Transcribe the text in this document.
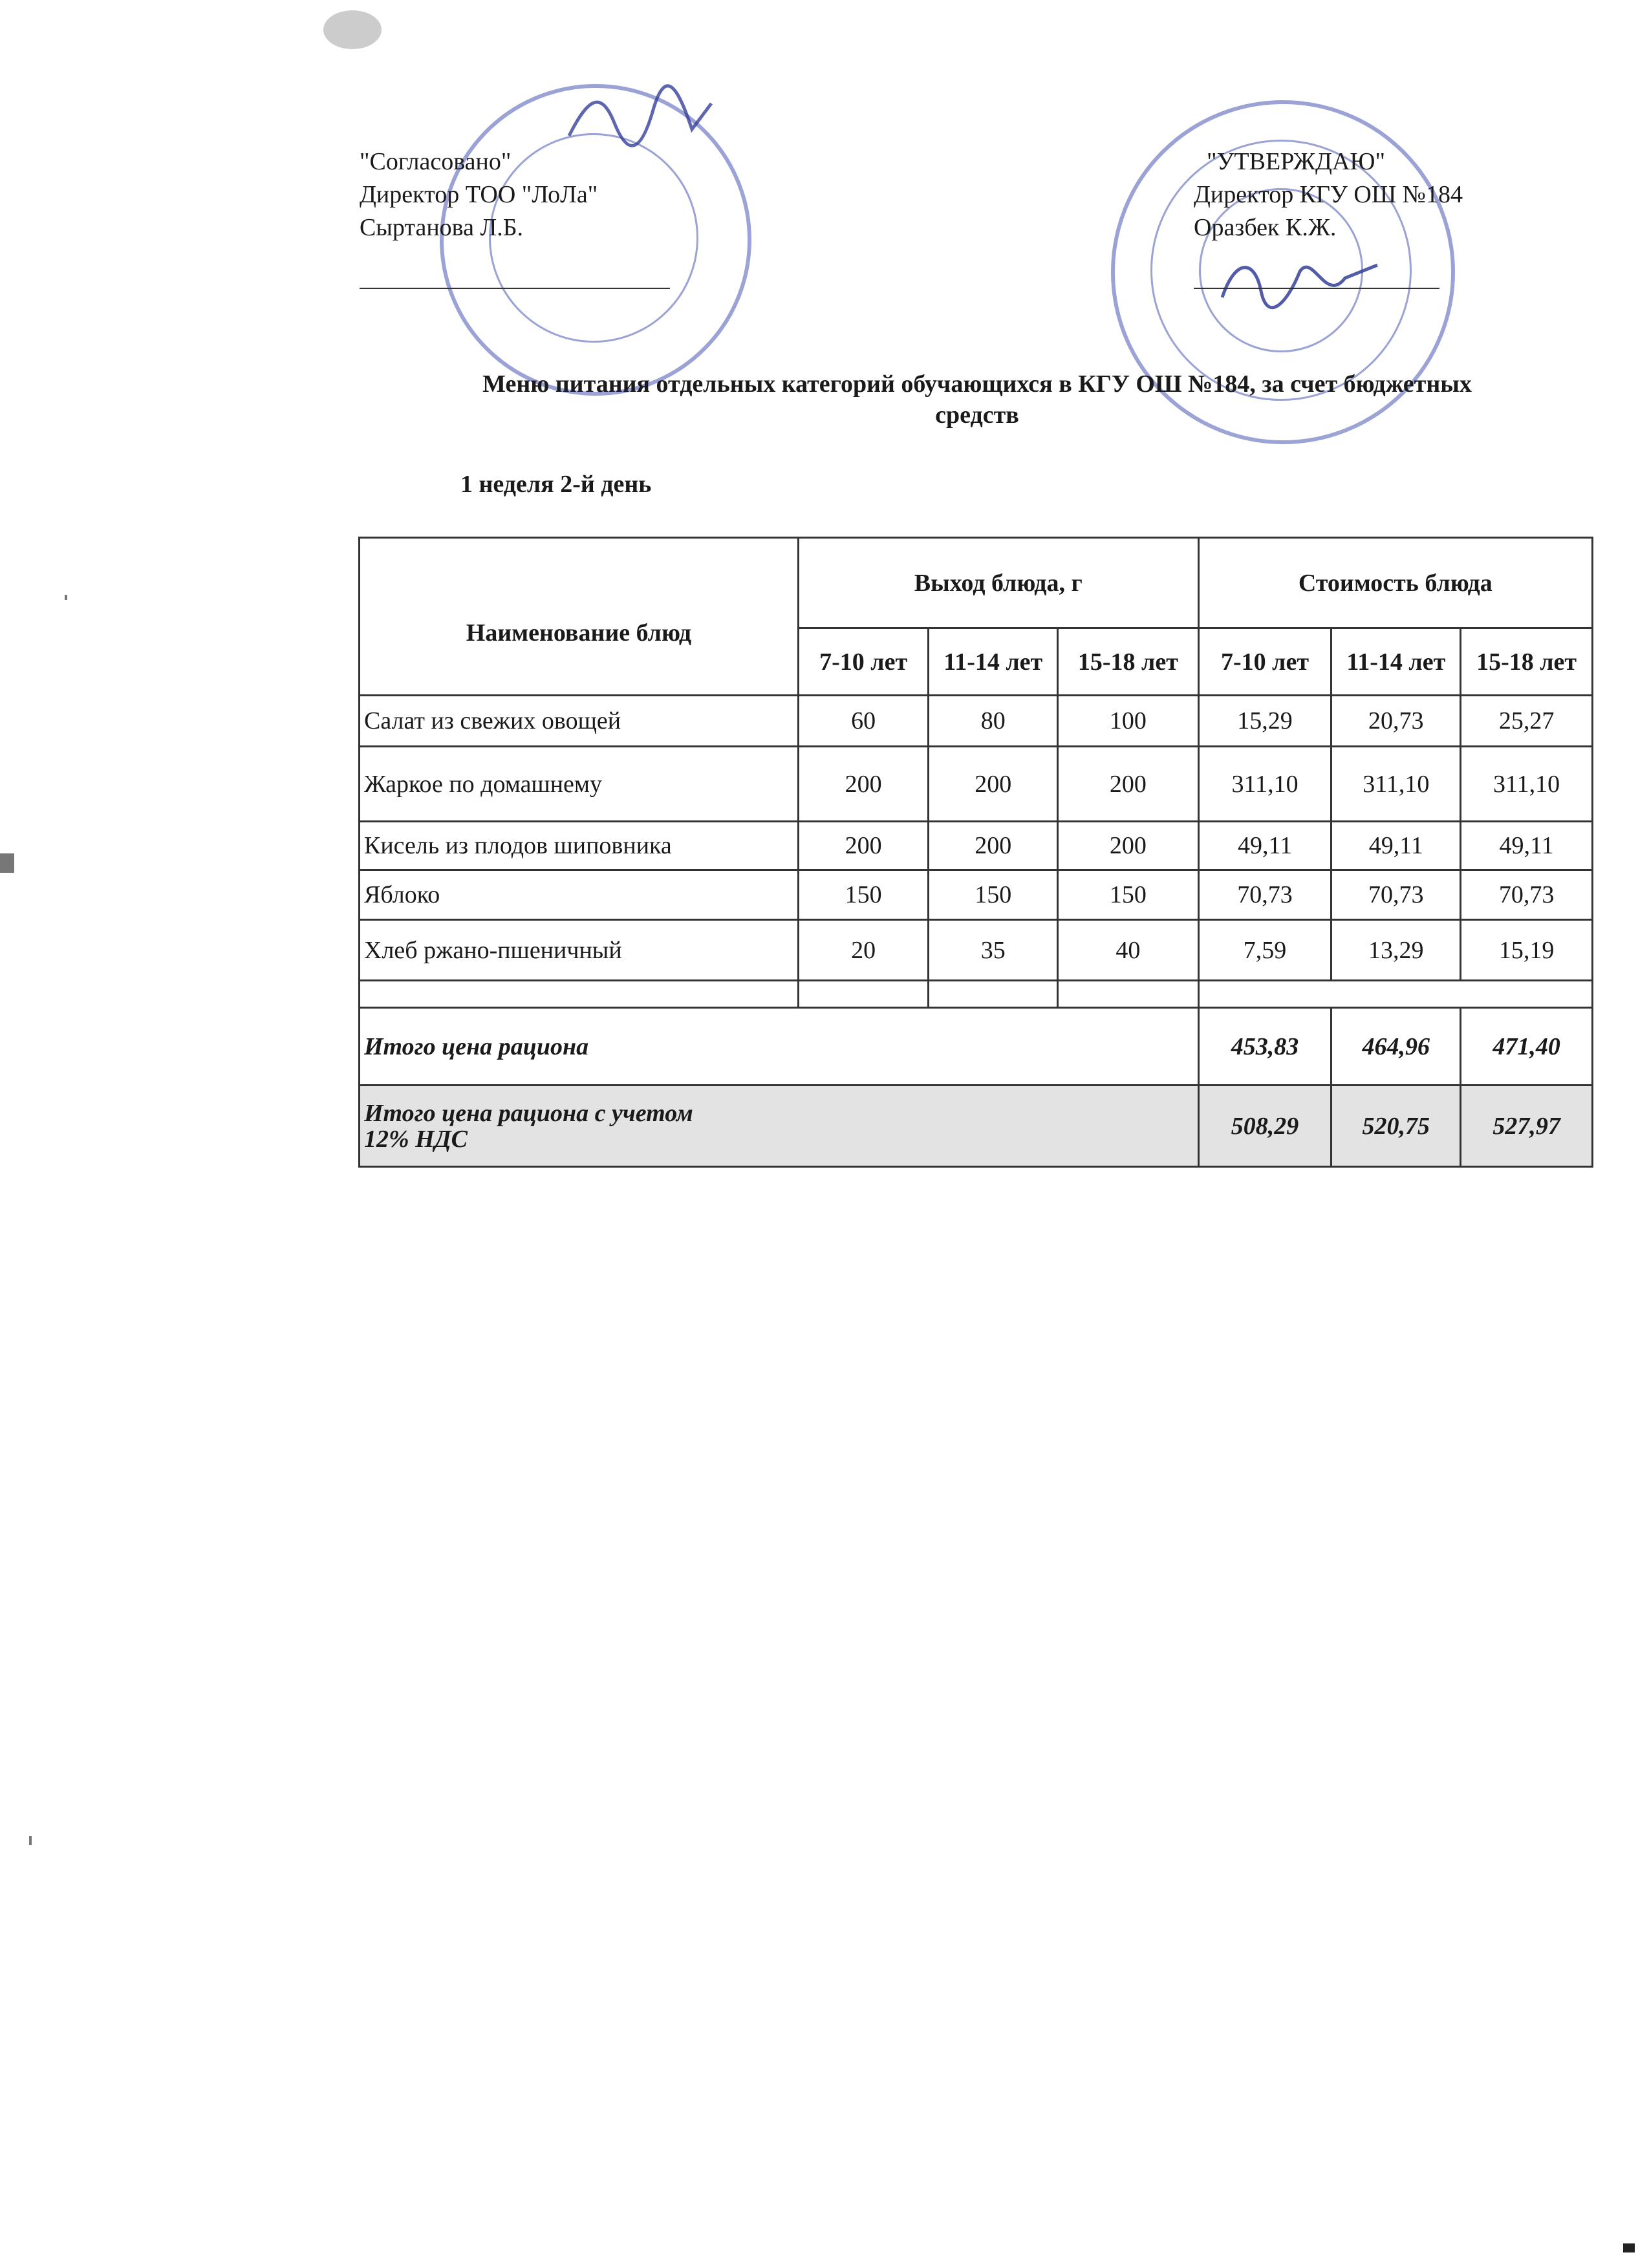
"Согласовано"
Директор ТОО "ЛоЛа"
Сыртанова Л.Б.
"УТВЕРЖДАЮ"
Директор КГУ ОШ №184
Оразбек К.Ж.
Меню питания отдельных категорий обучающихся в КГУ ОШ №184, за счет бюджетных
средств
1 неделя 2-й день
Наименование блюд	Выход блюда, г			Стоимость блюда		
	7-10 лет	11-14 лет	15-18 лет	7-10 лет	11-14 лет	15-18 лет
Салат из свежих овощей	60	80	100	15,29	20,73	25,27
Жаркое по домашнему	200	200	200	311,10	311,10	311,10
Кисель из плодов шиповника	200	200	200	49,11	49,11	49,11
Яблоко	150	150	150	70,73	70,73	70,73
Хлеб ржано-пшеничный	20	35	40	7,59	13,29	15,19

Итого цена рациона				453,83	464,96	471,40

Итого цена рациона с учетом
12% НДС				508,29	520,75	527,97
